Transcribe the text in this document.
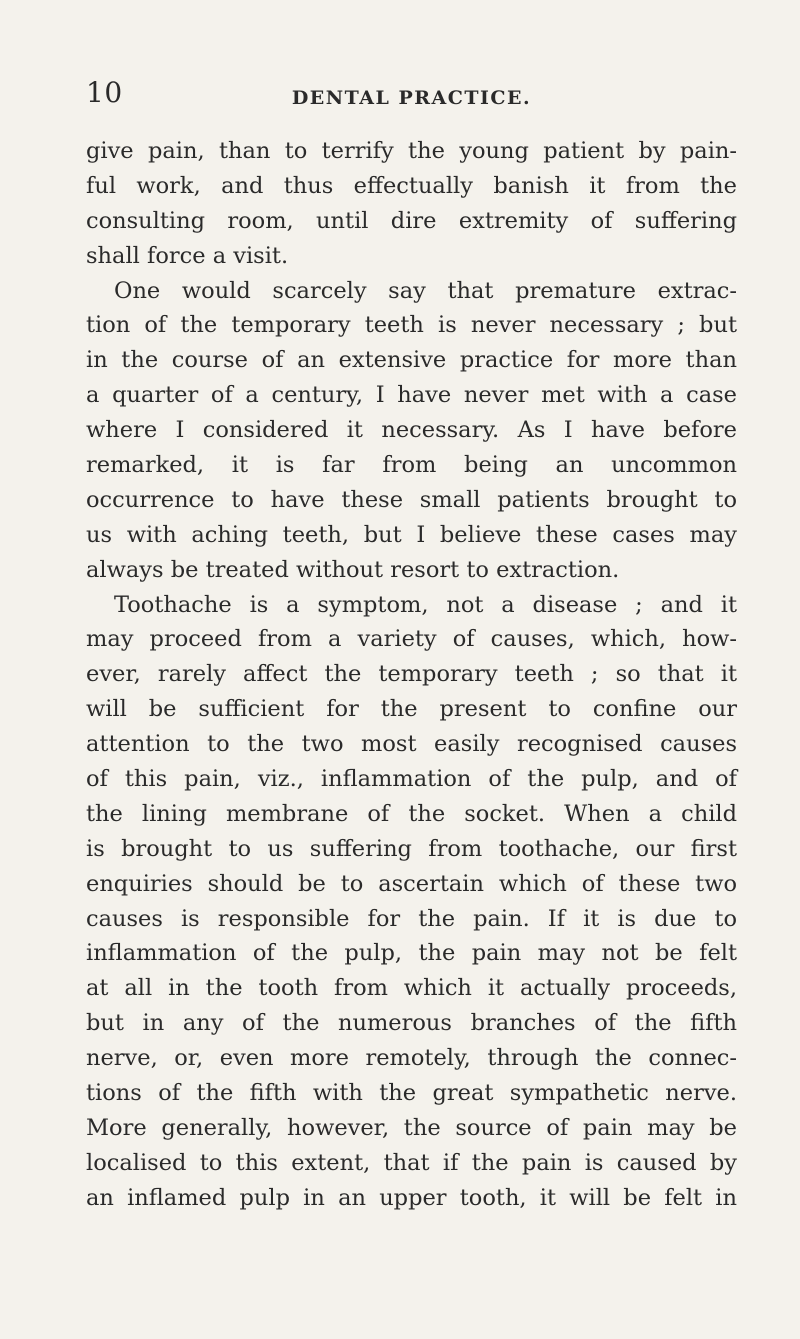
10	DENTAL PRACTICE.
give pain, than to terrify the young patient by pain-
ful work, and thus effectually banish it from the
consulting room, until dire extremity of suffering
shall force a visit.
One would scarcely say that premature extrac-
tion of the temporary teeth is never necessary ; but
in the course of an extensive practice for more than
a quarter of a century, I have never met with a case
where I considered it necessary. As I have before
remarked, it is far from being an uncommon
occurrence to have these small patients brought to
us with aching teeth, but I believe these cases may
always be treated without resort to extraction.
Toothache is a symptom, not a disease ; and it
may proceed from a variety of causes, which, how-
ever, rarely affect the temporary teeth ; so that it
will be sufficient for the present to confine our
attention to the two most easily recognised causes
of this pain, viz., inflammation of the pulp, and of
the lining membrane of the socket. When a child
is brought to us suffering from toothache, our first
enquiries should be to ascertain which of these two
causes is responsible for the pain. If it is due to
inflammation of the pulp, the pain may not be felt
at all in the tooth from which it actually proceeds,
but in any of the numerous branches of the fifth
nerve, or, even more remotely, through the connec-
tions of the fifth with the great sympathetic nerve.
More generally, however, the source of pain may be
localised to this extent, that if the pain is caused by
an inflamed pulp in an upper tooth, it will be felt in
